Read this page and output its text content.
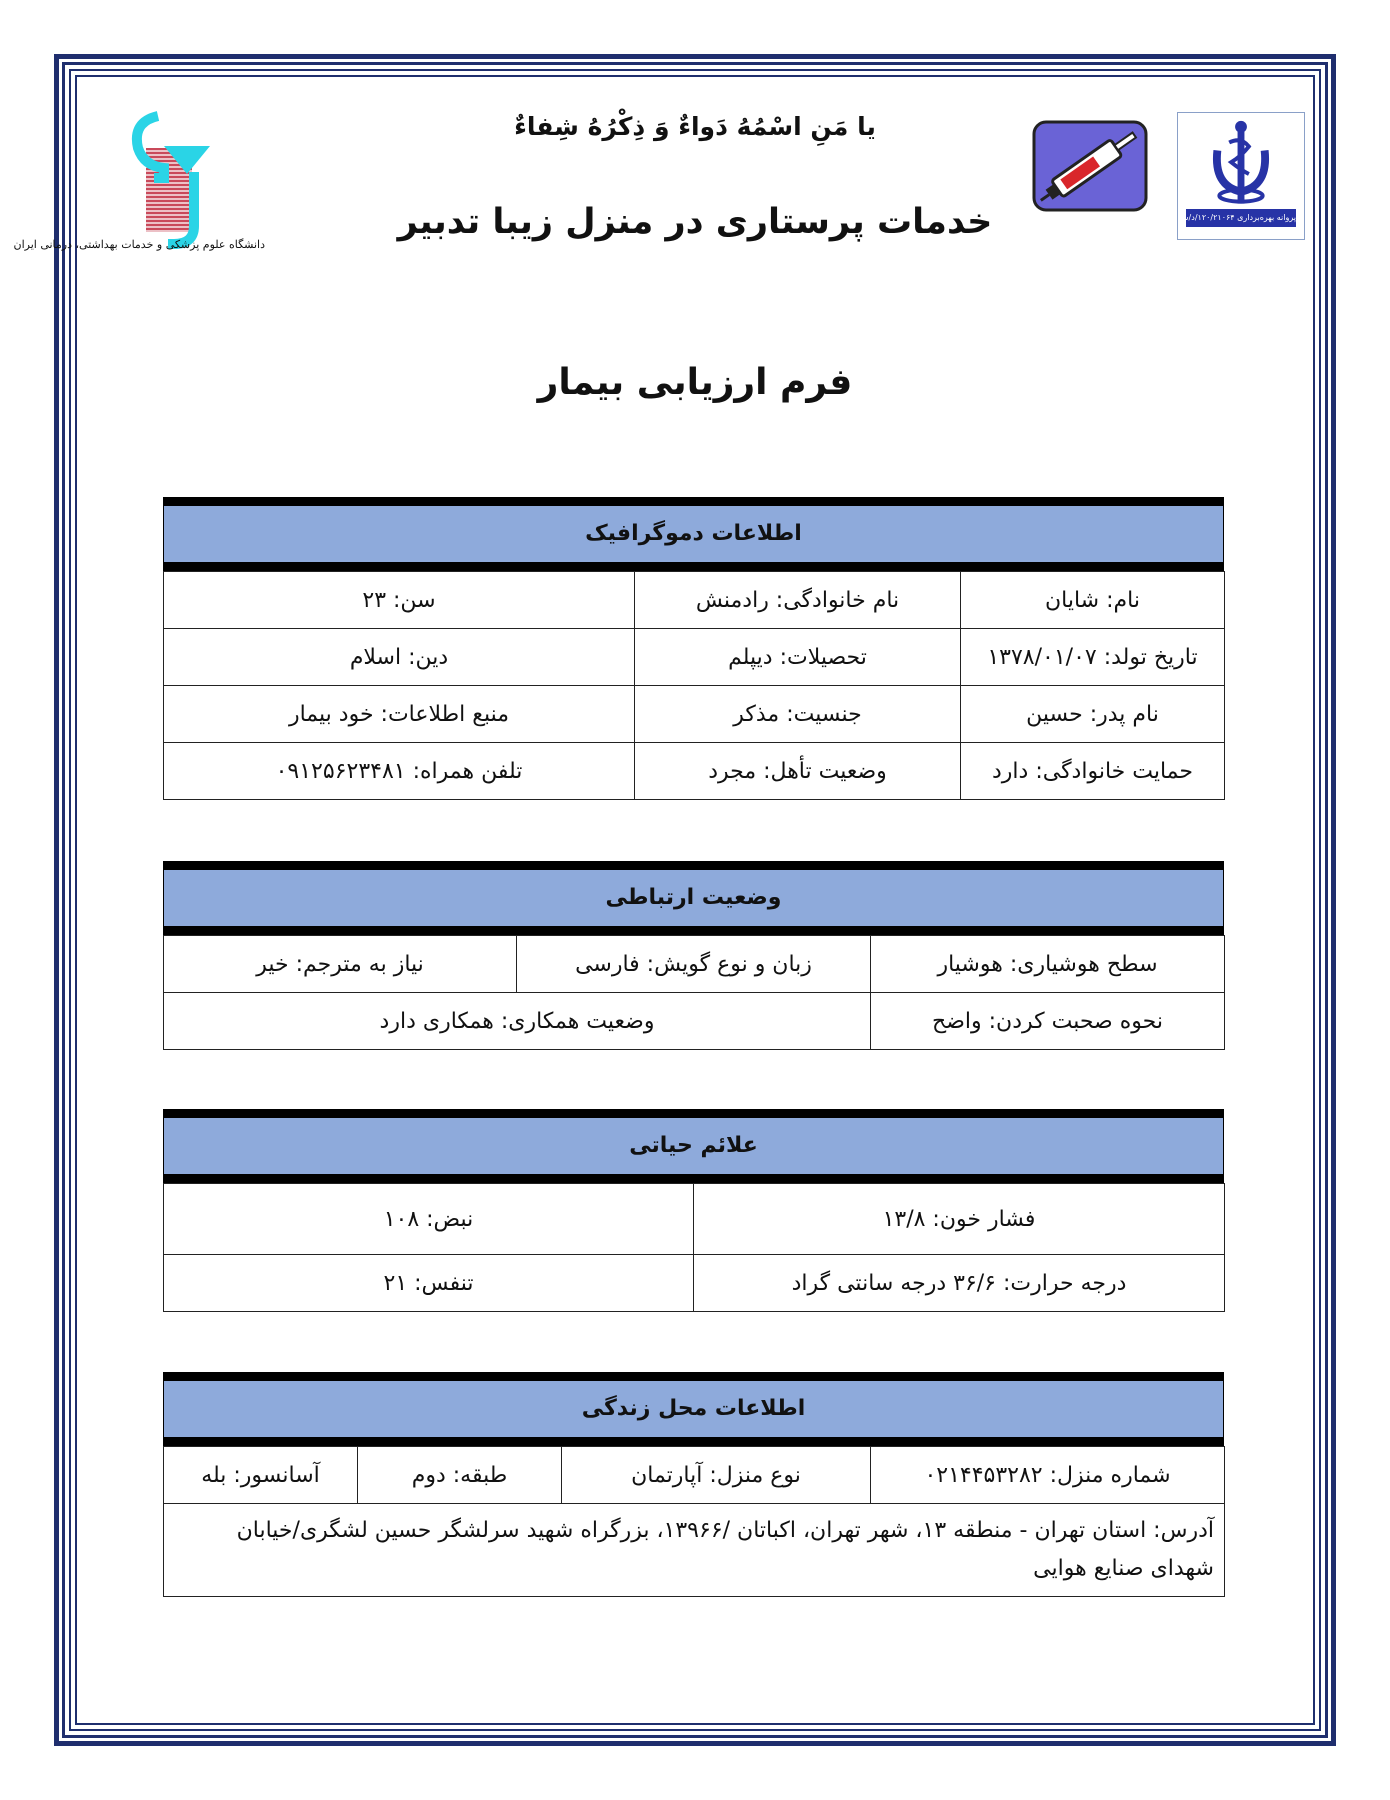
یا مَنِ اسْمُهُ دَواءٌ وَ ذِكْرُهُ شِفاءٌ
خدمات پرستاری در منزل زیبا تدبیر
فرم ارزیابی بیمار
دانشگاه علوم پزشکی و خدمات بهداشتی، درمانی ایران
پروانه بهره‌برداری ۱۲۰/۲۱۰۶۴/د/س ۹۳
اطلاعات دموگرافیک
نام: شایان	نام خانوادگی: رادمنش	سن: ۲۳
تاریخ تولد: ۱۳۷۸/۰۱/۰۷	تحصیلات: دیپلم	دین: اسلام
نام پدر: حسین	جنسیت: مذکر	منبع اطلاعات: خود بیمار
حمایت خانوادگی: دارد	وضعیت تأهل: مجرد	تلفن همراه: ۰۹۱۲۵۶۲۳۴۸۱
وضعیت ارتباطی
سطح هوشیاری: هوشیار	زبان و نوع گویش: فارسی	نیاز به مترجم: خیر
نحوه صحبت کردن: واضح	وضعیت همکاری: همکاری دارد	
علائم حیاتی
فشار خون: ۱۳/۸	نبض: ۱۰۸
درجه حرارت: ۳۶/۶ درجه سانتی گراد	تنفس: ۲۱
اطلاعات محل زندگی
شماره منزل: ۰۲۱۴۴۵۳۲۸۲	نوع منزل: آپارتمان	طبقه: دوم	آسانسور: بله
آدرس: استان تهران - منطقه ۱۳، شهر تهران، اکباتان /۱۳۹۶۶، بزرگراه شهید سرلشگر حسین لشگری/خیابان شهدای صنایع هوایی
